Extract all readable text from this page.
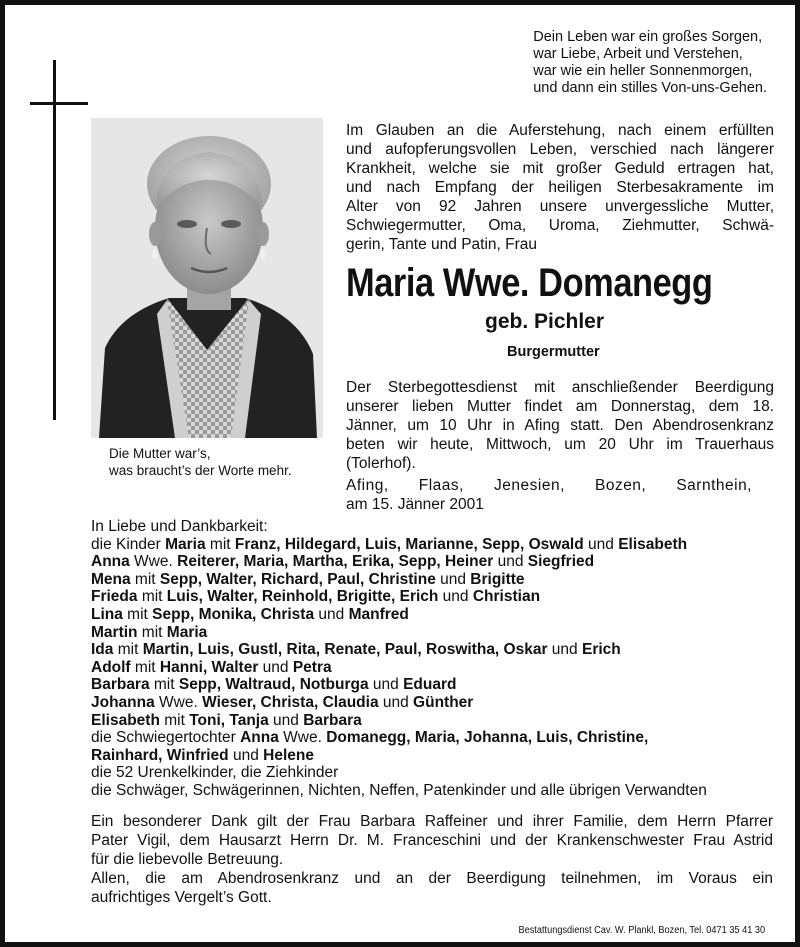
Dein Leben war ein großes Sorgen,
war Liebe, Arbeit und Verstehen,
war wie ein heller Sonnenmorgen,
und dann ein stilles Von-uns-Gehen.
Die Mutter war’s,
was braucht’s der Worte mehr.
Im Glauben an die Auferstehung, nach einem erfüllten
und aufopferungsvollen Leben, verschied nach längerer
Krankheit, welche sie mit großer Geduld ertragen hat,
und nach Empfang der heiligen Sterbesakramente im
Alter von 92 Jahren unsere unvergessliche Mutter,
Schwiegermutter, Oma, Uroma, Ziehmutter, Schwä-
gerin, Tante und Patin, Frau
Maria Wwe. Domanegg
geb. Pichler
Burgermutter
Der Sterbegottesdienst mit anschließender Beerdigung
unserer lieben Mutter findet am Donnerstag, dem 18.
Jänner, um 10 Uhr in Afing statt. Den Abendrosenkranz
beten wir heute, Mittwoch, um 20 Uhr im Trauerhaus
(Tolerhof).
Afing, Flaas, Jenesien, Bozen, Sarnthein,
am 15. Jänner 2001
In Liebe und Dankbarkeit:
die Kinder Maria mit Franz, Hildegard, Luis, Marianne, Sepp, Oswald und Elisabeth
Anna Wwe. Reiterer, Maria, Martha, Erika, Sepp, Heiner und Siegfried
Mena mit Sepp, Walter, Richard, Paul, Christine und Brigitte
Frieda mit Luis, Walter, Reinhold, Brigitte, Erich und Christian
Lina mit Sepp, Monika, Christa und Manfred
Martin mit Maria
Ida mit Martin, Luis, Gustl, Rita, Renate, Paul, Roswitha, Oskar und Erich
Adolf mit Hanni, Walter und Petra
Barbara mit Sepp, Waltraud, Notburga und Eduard
Johanna Wwe. Wieser, Christa, Claudia und Günther
Elisabeth mit Toni, Tanja und Barbara
die Schwiegertochter Anna Wwe. Domanegg, Maria, Johanna, Luis, Christine,
Rainhard, Winfried und Helene
die 52 Urenkelkinder, die Ziehkinder
die Schwäger, Schwägerinnen, Nichten, Neffen, Patenkinder und alle übrigen Verwandten
Ein besonderer Dank gilt der Frau Barbara Raffeiner und ihrer Familie, dem Herrn Pfarrer
Pater Vigil, dem Hausarzt Herrn Dr. M. Franceschini und der Krankenschwester Frau Astrid
für die liebevolle Betreuung.
Allen, die am Abendrosenkranz und an der Beerdigung teilnehmen, im Voraus ein
aufrichtiges Vergelt’s Gott.
Bestattungsdienst Cav. W. Plankl, Bozen, Tel. 0471 35 41 30
